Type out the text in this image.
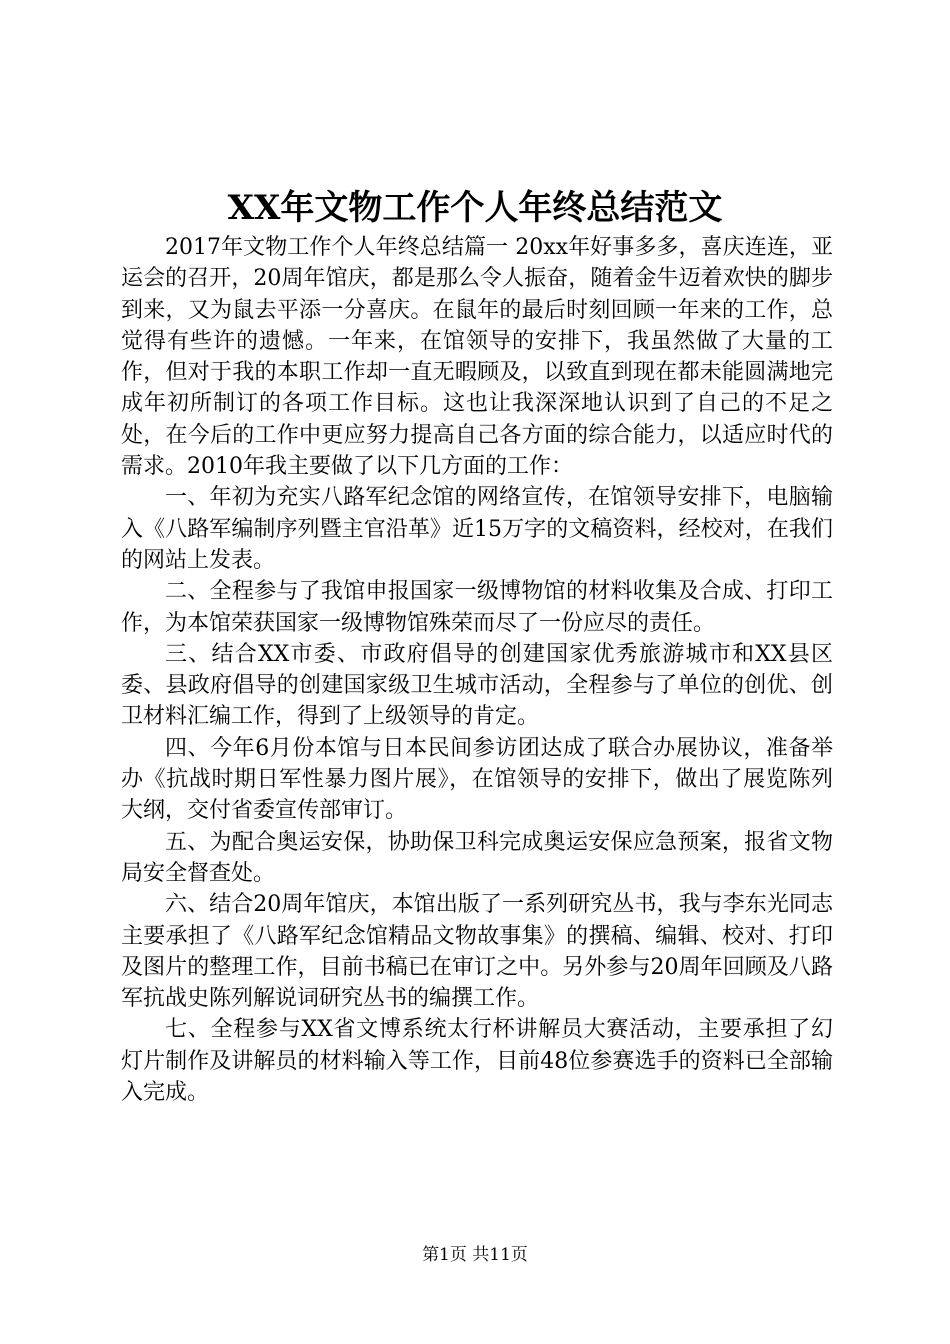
XX年文物工作个人年终总结范文

2017年文物工作个人年终总结篇一 20xx年好事多多，喜庆连连，亚运会的召开，20周年馆庆，都是那么令人振奋，随着金牛迈着欢快的脚步到来，又为鼠去平添一分喜庆。在鼠年的最后时刻回顾一年来的工作，总觉得有些许的遗憾。一年来，在馆领导的安排下，我虽然做了大量的工作，但对于我的本职工作却一直无暇顾及，以致直到现在都未能圆满地完成年初所制订的各项工作目标。这也让我深深地认识到了自己的不足之处，在今后的工作中更应努力提高自己各方面的综合能力，以适应时代的需求。2010年我主要做了以下几方面的工作：

一、年初为充实八路军纪念馆的网络宣传，在馆领导安排下，电脑输入《八路军编制序列暨主官沿革》近15万字的文稿资料，经校对，在我们的网站上发表。

二、全程参与了我馆申报国家一级博物馆的材料收集及合成、打印工作，为本馆荣获国家一级博物馆殊荣而尽了一份应尽的责任。

三、结合XX市委、市政府倡导的创建国家优秀旅游城市和XX县区委、县政府倡导的创建国家级卫生城市活动，全程参与了单位的创优、创卫材料汇编工作，得到了上级领导的肯定。

四、今年6月份本馆与日本民间参访团达成了联合办展协议，准备举办《抗战时期日军性暴力图片展》，在馆领导的安排下，做出了展览陈列大纲，交付省委宣传部审订。

五、为配合奥运安保，协助保卫科完成奥运安保应急预案，报省文物局安全督查处。

六、结合20周年馆庆，本馆出版了一系列研究丛书，我与李东光同志主要承担了《八路军纪念馆精品文物故事集》的撰稿、编辑、校对、打印及图片的整理工作，目前书稿已在审订之中。另外参与20周年回顾及八路军抗战史陈列解说词研究丛书的编撰工作。

七、全程参与XX省文博系统太行杯讲解员大赛活动，主要承担了幻灯片制作及讲解员的材料输入等工作，目前48位参赛选手的资料已全部输入完成。

第1页 共11页
